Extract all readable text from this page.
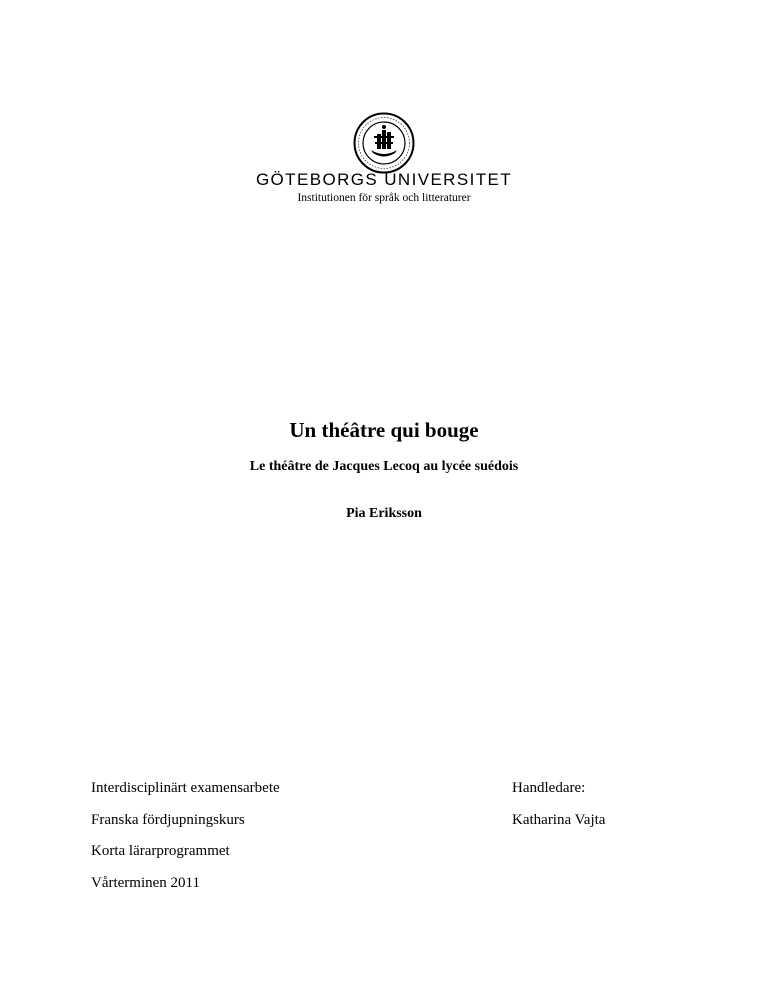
GÖTEBORGS UNIVERSITET
Institutionen för språk och litteraturer
Un théâtre qui bouge
Le théâtre de Jacques Lecoq au lycée suédois
Pia Eriksson
Interdisciplinärt examensarbete
Franska fördjupningskurs
Korta lärarprogrammet
Vårterminen 2011
Handledare:
Katharina Vajta
